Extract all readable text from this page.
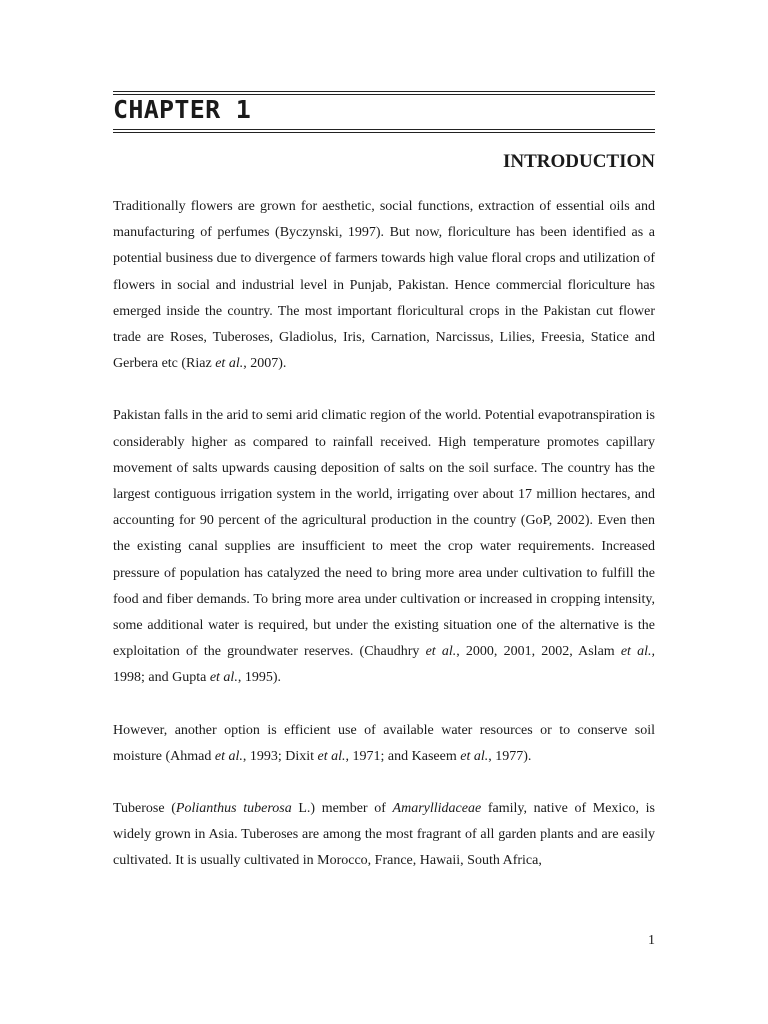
CHAPTER 1
INTRODUCTION

Traditionally flowers are grown for aesthetic, social functions, extraction of essential oils and manufacturing of perfumes (Byczynski, 1997). But now, floriculture has been identified as a potential business due to divergence of farmers towards high value floral crops and utilization of flowers in social and industrial level in Punjab, Pakistan. Hence commercial floriculture has emerged inside the country. The most important floricultural crops in the Pakistan cut flower trade are Roses, Tuberoses, Gladiolus, Iris, Carnation, Narcissus, Lilies, Freesia, Statice and Gerbera etc (Riaz et al., 2007).

Pakistan falls in the arid to semi arid climatic region of the world. Potential evapotranspiration is considerably higher as compared to rainfall received. High temperature promotes capillary movement of salts upwards causing deposition of salts on the soil surface. The country has the largest contiguous irrigation system in the world, irrigating over about 17 million hectares, and accounting for 90 percent of the agricultural production in the country (GoP, 2002). Even then the existing canal supplies are insufficient to meet the crop water requirements. Increased pressure of population has catalyzed the need to bring more area under cultivation to fulfill the food and fiber demands. To bring more area under cultivation or increased in cropping intensity, some additional water is required, but under the existing situation one of the alternative is the exploitation of the groundwater reserves. (Chaudhry et al., 2000, 2001, 2002, Aslam et al., 1998; and Gupta et al., 1995).

However, another option is efficient use of available water resources or to conserve soil moisture (Ahmad et al., 1993; Dixit et al., 1971; and Kaseem et al., 1977).

Tuberose (Polianthus tuberosa L.) member of Amaryllidaceae family, native of Mexico, is widely grown in Asia. Tuberoses are among the most fragrant of all garden plants and are easily cultivated. It is usually cultivated in Morocco, France, Hawaii, South Africa,

1
